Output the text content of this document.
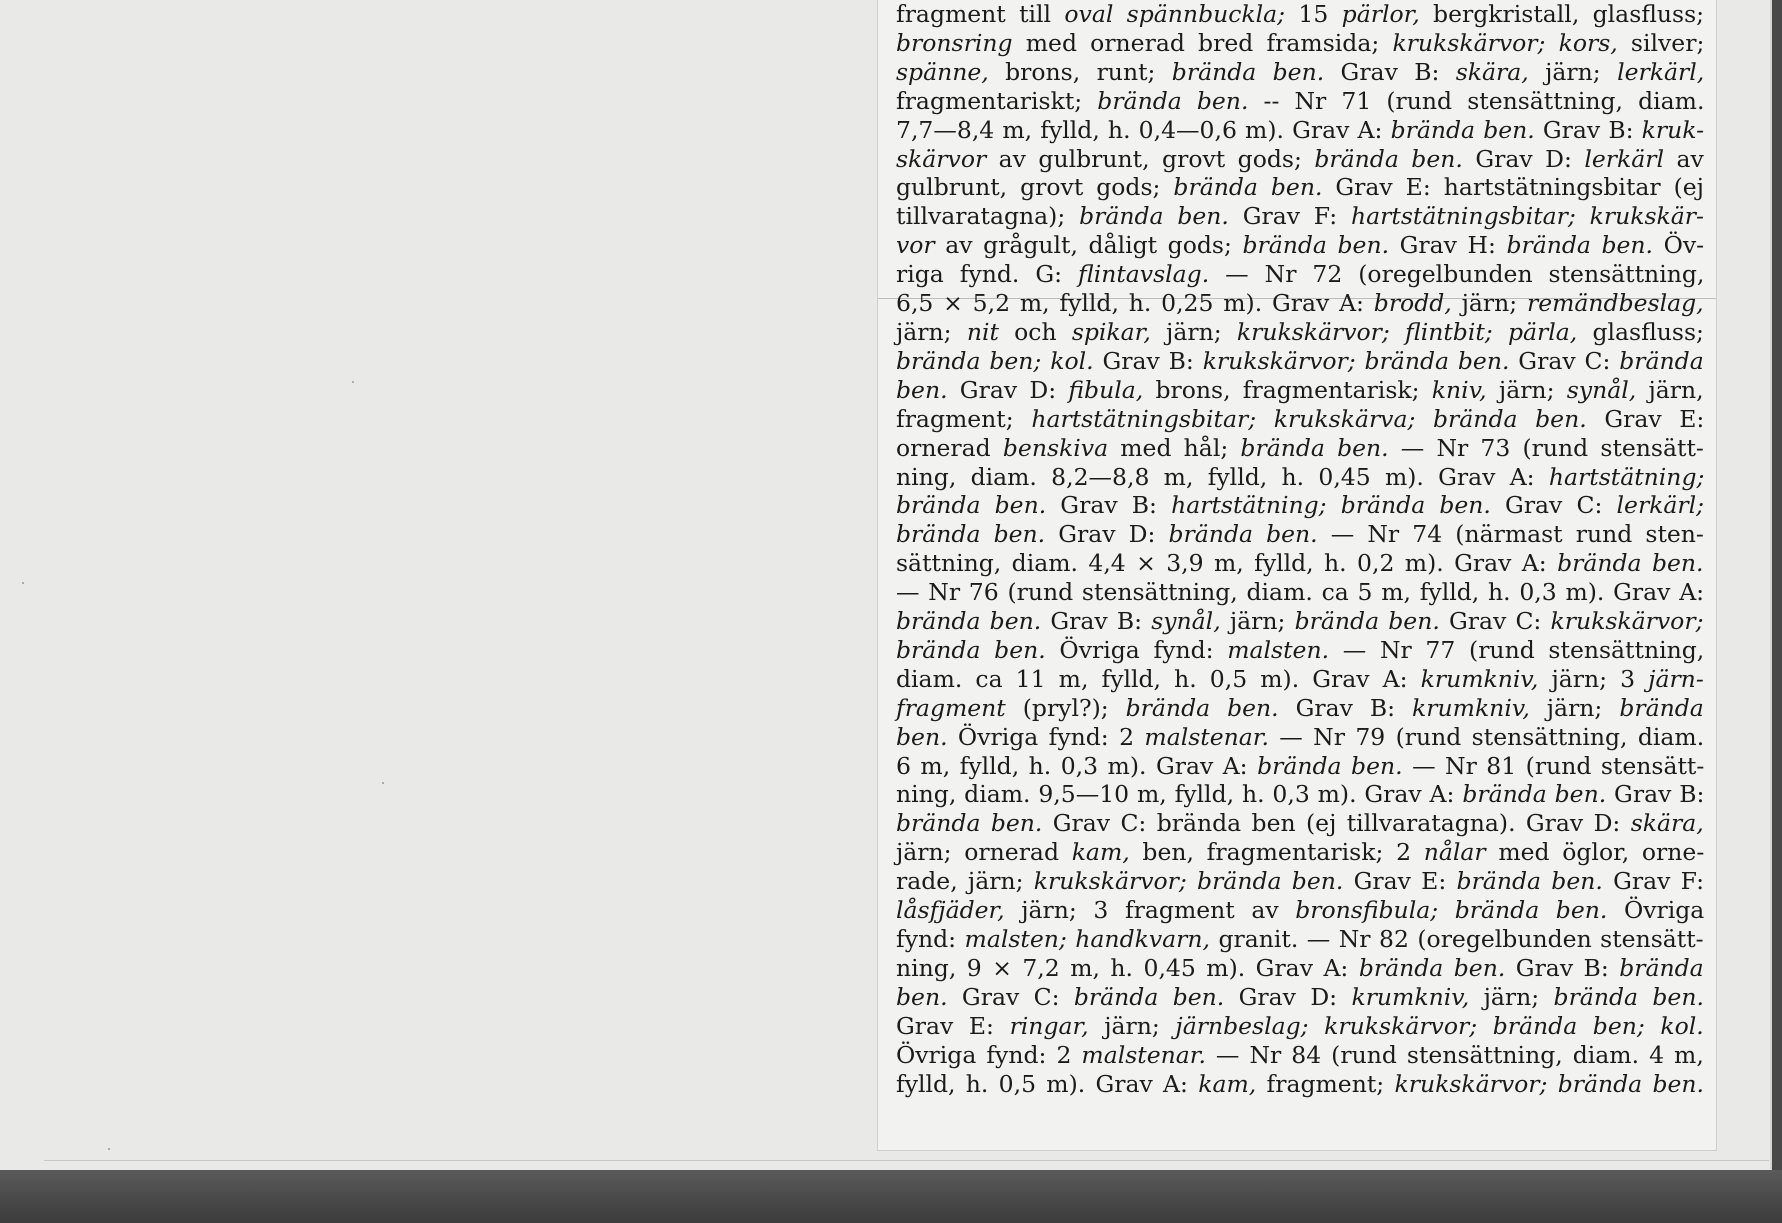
fragment till oval spännbuckla; 15 pärlor, bergkristall, glasfluss;

bronsring med ornerad bred framsida; krukskärvor; kors, silver;

spänne, brons, runt; brända ben. Grav B: skära, järn; lerkärl,

fragmentariskt; brända ben. -- Nr 71 (rund stensättning, diam.

7,7—8,4 m, fylld, h. 0,4—0,6 m). Grav A: brända ben. Grav B: kruk-

skärvor av gulbrunt, grovt gods; brända ben. Grav D: lerkärl av

gulbrunt, grovt gods; brända ben. Grav E: hartstätningsbitar (ej

tillvaratagna); brända ben. Grav F: hartstätningsbitar; krukskär-

vor av grågult, dåligt gods; brända ben. Grav H: brända ben. Öv-

riga fynd. G: flintavslag. — Nr 72 (oregelbunden stensättning,

6,5 × 5,2 m, fylld, h. 0,25 m). Grav A: brodd, järn; remändbeslag,

järn; nit och spikar, järn; krukskärvor; flintbit; pärla, glasfluss;

brända ben; kol. Grav B: krukskärvor; brända ben. Grav C: brända

ben. Grav D: fibula, brons, fragmentarisk; kniv, järn; synål, järn,

fragment; hartstätningsbitar; krukskärva; brända ben. Grav E:

ornerad benskiva med hål; brända ben. — Nr 73 (rund stensätt-

ning, diam. 8,2—8,8 m, fylld, h. 0,45 m). Grav A: hartstätning;

brända ben. Grav B: hartstätning; brända ben. Grav C: lerkärl;

brända ben. Grav D: brända ben. — Nr 74 (närmast rund sten-

sättning, diam. 4,4 × 3,9 m, fylld, h. 0,2 m). Grav A: brända ben.

— Nr 76 (rund stensättning, diam. ca 5 m, fylld, h. 0,3 m). Grav A:

brända ben. Grav B: synål, järn; brända ben. Grav C: krukskärvor;

brända ben. Övriga fynd: malsten. — Nr 77 (rund stensättning,

diam. ca 11 m, fylld, h. 0,5 m). Grav A: krumkniv, järn; 3 järn-

fragment (pryl?); brända ben. Grav B: krumkniv, järn; brända

ben. Övriga fynd: 2 malstenar. — Nr 79 (rund stensättning, diam.

6 m, fylld, h. 0,3 m). Grav A: brända ben. — Nr 81 (rund stensätt-

ning, diam. 9,5—10 m, fylld, h. 0,3 m). Grav A: brända ben. Grav B:

brända ben. Grav C: brända ben (ej tillvaratagna). Grav D: skära,

järn; ornerad kam, ben, fragmentarisk; 2 nålar med öglor, orne-

rade, järn; krukskärvor; brända ben. Grav E: brända ben. Grav F:

låsfjäder, järn; 3 fragment av bronsfibula; brända ben. Övriga

fynd: malsten; handkvarn, granit. — Nr 82 (oregelbunden stensätt-

ning, 9 × 7,2 m, h. 0,45 m). Grav A: brända ben. Grav B: brända

ben. Grav C: brända ben. Grav D: krumkniv, järn; brända ben.

Grav E: ringar, järn; järnbeslag; krukskärvor; brända ben; kol.

Övriga fynd: 2 malstenar. — Nr 84 (rund stensättning, diam. 4 m,

fylld, h. 0,5 m). Grav A: kam, fragment; krukskärvor; brända ben.
